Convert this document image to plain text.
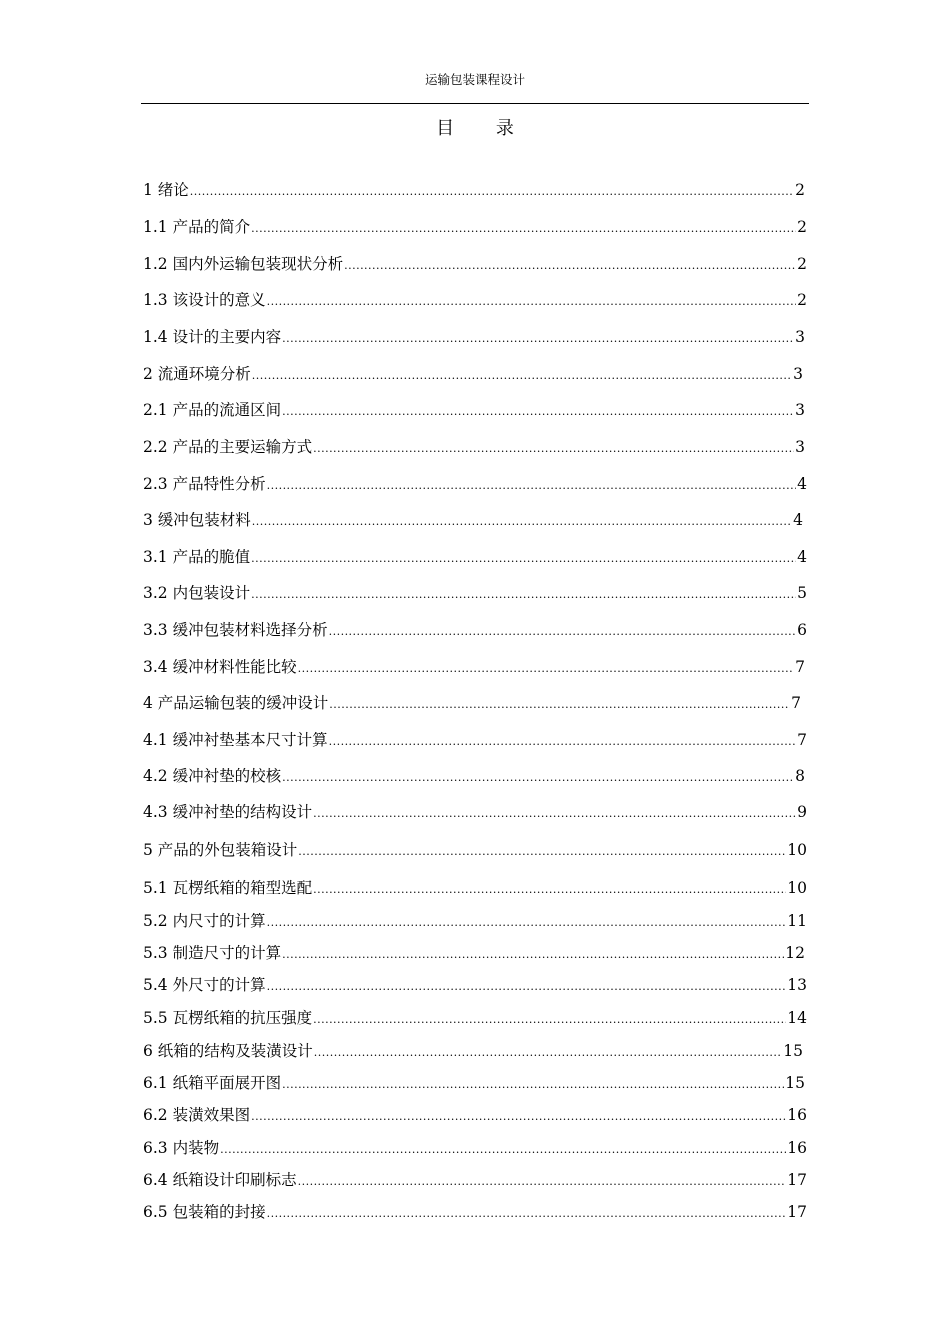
运输包装课程设计
目 录
1 绪论 .....	2
1.1 产品的简介 .....	2
1.2 国内外运输包装现状分析 .....	2
1.3 该设计的意义 .....	2
1.4 设计的主要内容 .....	3
2 流通环境分析 .....	3
2.1 产品的流通区间 .....	3
2.2 产品的主要运输方式 .....	3
2.3 产品特性分析 .....	4
3 缓冲包装材料 .....	4
3.1 产品的脆值 .....	4
3.2 内包装设计 .....	5
3.3 缓冲包装材料选择分析 .....	6
3.4 缓冲材料性能比较 .....	7
4 产品运输包装的缓冲设计 .....	7
4.1 缓冲衬垫基本尺寸计算 .....	7
4.2 缓冲衬垫的校核 .....	8
4.3 缓冲衬垫的结构设计 .....	9
5 产品的外包装箱设计 .....	10
5.1 瓦楞纸箱的箱型选配 .....	10
5.2 内尺寸的计算 .....	11
5.3 制造尺寸的计算 .....	12
5.4 外尺寸的计算 .....	13
5.5 瓦楞纸箱的抗压强度 .....	14
6 纸箱的结构及装潢设计 .....	15
6.1 纸箱平面展开图 .....	15
6.2 装潢效果图 .....	16
6.3 内装物 .....	16
6.4 纸箱设计印刷标志 .....	17
6.5 包装箱的封接 .....	17
